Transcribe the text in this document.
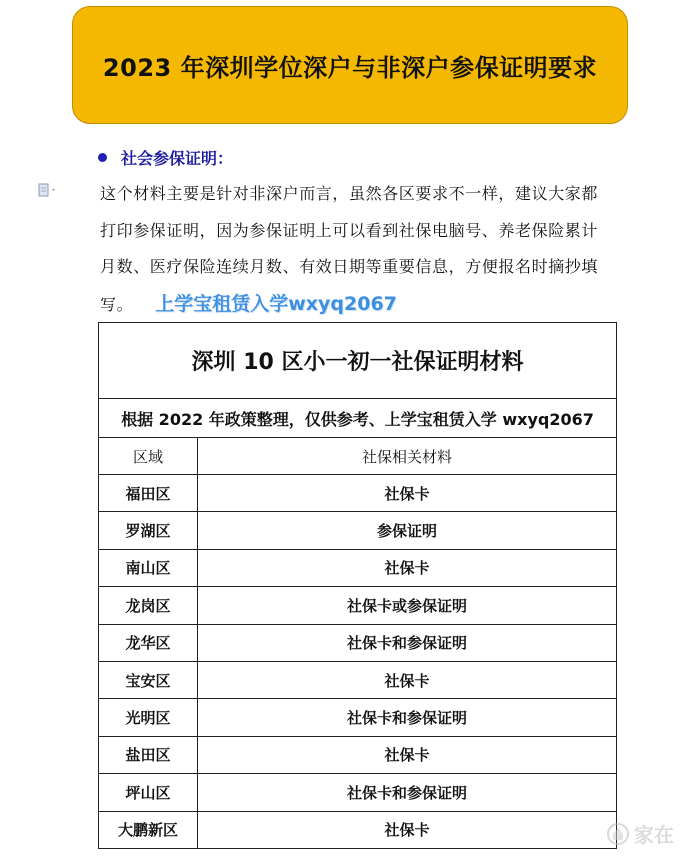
2023 年深圳学位深户与非深户参保证明要求
社会参保证明：
这个材料主要是针对非深户而言，虽然各区要求不一样，建议大家都
打印参保证明，因为参保证明上可以看到社保电脑号、养老保险累计
月数、医疗保险连续月数、有效日期等重要信息，方便报名时摘抄填
写。 上学宝租赁入学wxyq2067
深圳 10 区小一初一社保证明材料	
根据 2022 年政策整理，仅供参考、上学宝租赁入学 wxyq2067	
区域	社保相关材料
福田区	社保卡
罗湖区	参保证明
南山区	社保卡
龙岗区	社保卡或参保证明
龙华区	社保卡和参保证明
宝安区	社保卡
光明区	社保卡和参保证明
盐田区	社保卡
坪山区	社保卡和参保证明
大鹏新区	社保卡	家在
